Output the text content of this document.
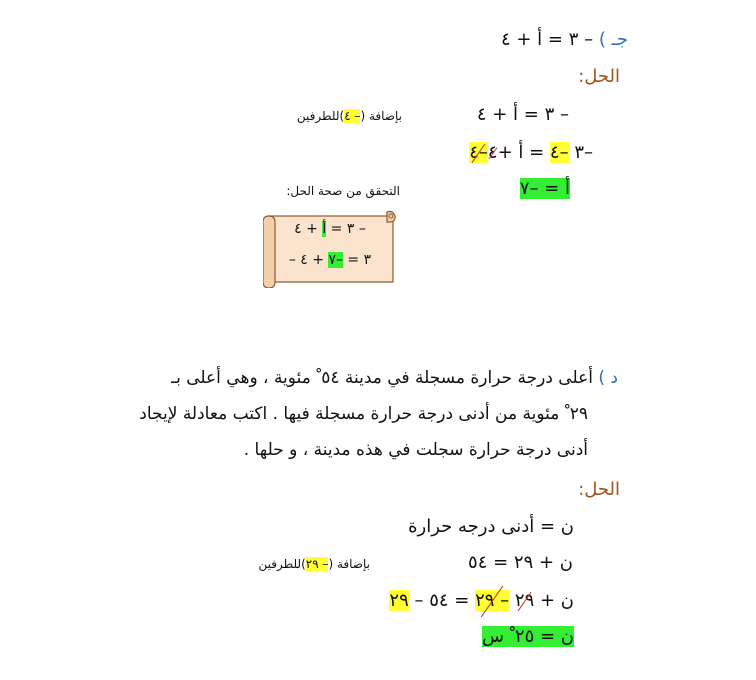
جـ ) – ٣ = أ + ٤
الحل:
– ٣ = أ + ٤
بإضافة (– ٤)للطرفين
–٣ –٤ = أ +٤–٤
أ = –٧
التحقق من صحة الحل:
– ٣ = أ + ٤
– ٣ = –٧ + ٤
د ) أعلى درجة حرارة مسجلة في مدينة ٥٤ ْ مئوية ، وهي أعلى بـ
٢٩ ْ مئوية من أدنى درجة حرارة مسجلة فيها . اكتب معادلة لإيجاد
أدنى درجة حرارة سجلت في هذه مدينة ، و حلها .
الحل:
ن = أدنى درجه حرارة
ن + ٢٩ = ٥٤
بإضافة (– ٢٩)للطرفين
ن + ٢٩ – ٢٩ = ٥٤ – ٢٩
ن = ٢٥ ْ س
